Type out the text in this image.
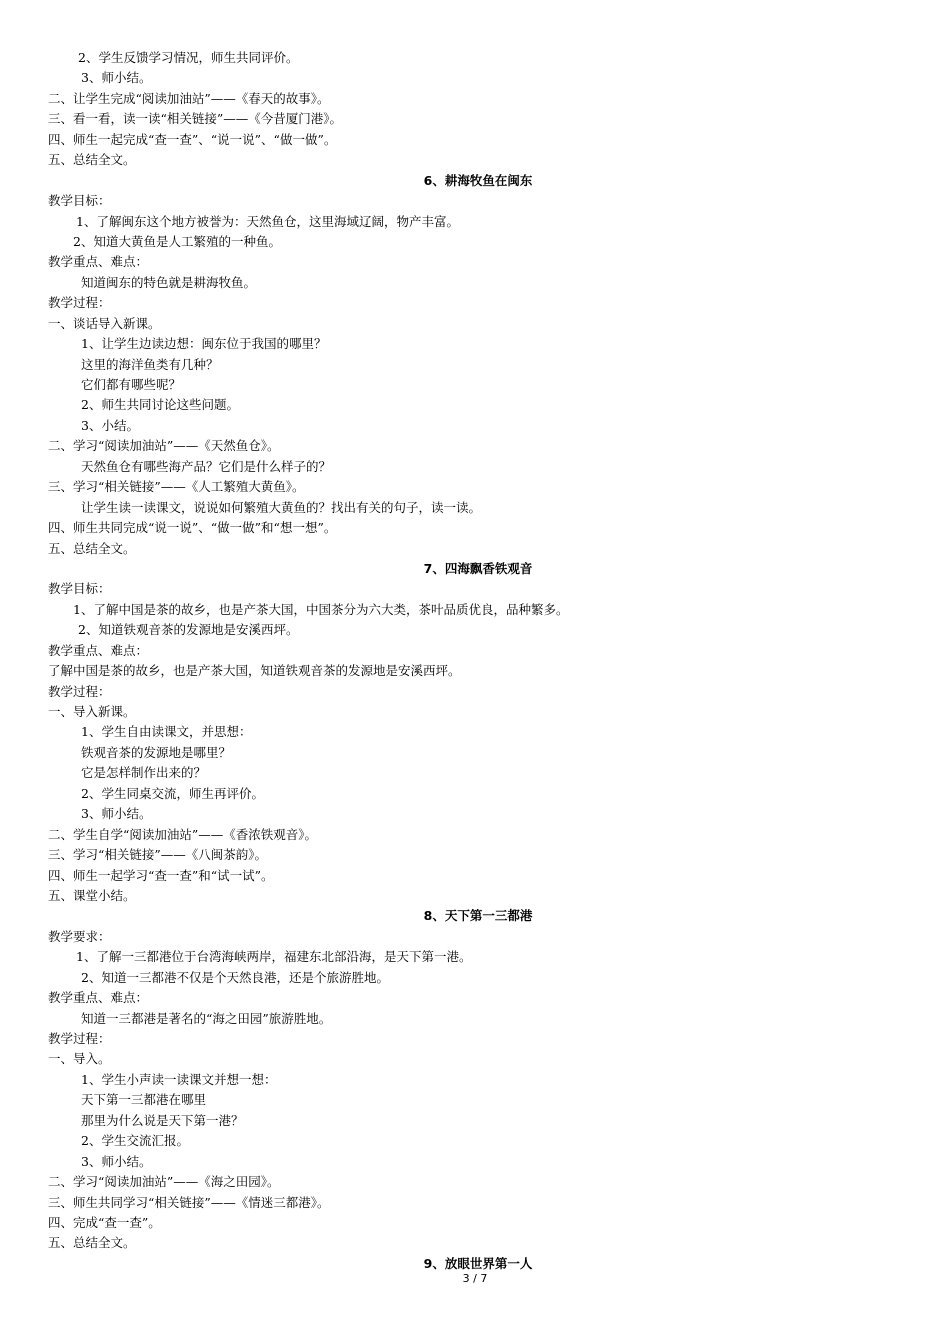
2、学生反馈学习情况，师生共同评价。
3、师小结。
二、让学生完成“阅读加油站”——《春天的故事》。
三、看一看，读一读“相关链接”——《今昔厦门港》。
四、师生一起完成“查一查”、“说一说”、“做一做”。
五、总结全文。
6、耕海牧鱼在闽东
教学目标：
1、了解闽东这个地方被誉为：天然鱼仓，这里海域辽阔，物产丰富。
2、知道大黄鱼是人工繁殖的一种鱼。
教学重点、难点：
知道闽东的特色就是耕海牧鱼。
教学过程：
一、谈话导入新课。
1、让学生边读边想：闽东位于我国的哪里？
这里的海洋鱼类有几种？
它们都有哪些呢？
2、师生共同讨论这些问题。
3、小结。
二、学习“阅读加油站”——《天然鱼仓》。
天然鱼仓有哪些海产品？它们是什么样子的？
三、学习“相关链接”——《人工繁殖大黄鱼》。
让学生读一读课文，说说如何繁殖大黄鱼的？找出有关的句子，读一读。
四、师生共同完成“说一说”、“做一做”和“想一想”。
五、总结全文。
7、四海飘香铁观音
教学目标：
1、了解中国是茶的故乡，也是产茶大国，中国茶分为六大类，茶叶品质优良，品种繁多。
2、知道铁观音茶的发源地是安溪西坪。
教学重点、难点：
了解中国是茶的故乡，也是产茶大国，知道铁观音茶的发源地是安溪西坪。
教学过程：
一、导入新课。
1、学生自由读课文，并思想：
铁观音茶的发源地是哪里？
它是怎样制作出来的？
2、学生同桌交流，师生再评价。
3、师小结。
二、学生自学“阅读加油站”——《香浓铁观音》。
三、学习“相关链接”——《八闽茶韵》。
四、师生一起学习“查一查”和“试一试”。
五、课堂小结。
8、天下第一三都港
教学要求：
1、了解一三都港位于台湾海峡两岸，福建东北部沿海，是天下第一港。
2、知道一三都港不仅是个天然良港，还是个旅游胜地。
教学重点、难点：
知道一三都港是著名的“海之田园”旅游胜地。
教学过程：
一、导入。
1、学生小声读一读课文并想一想：
天下第一三都港在哪里
那里为什么说是天下第一港？
2、学生交流汇报。
3、师小结。
二、学习“阅读加油站”——《海之田园》。
三、师生共同学习“相关链接”——《情迷三都港》。
四、完成“查一查”。
五、总结全文。
9、放眼世界第一人
3 / 7
